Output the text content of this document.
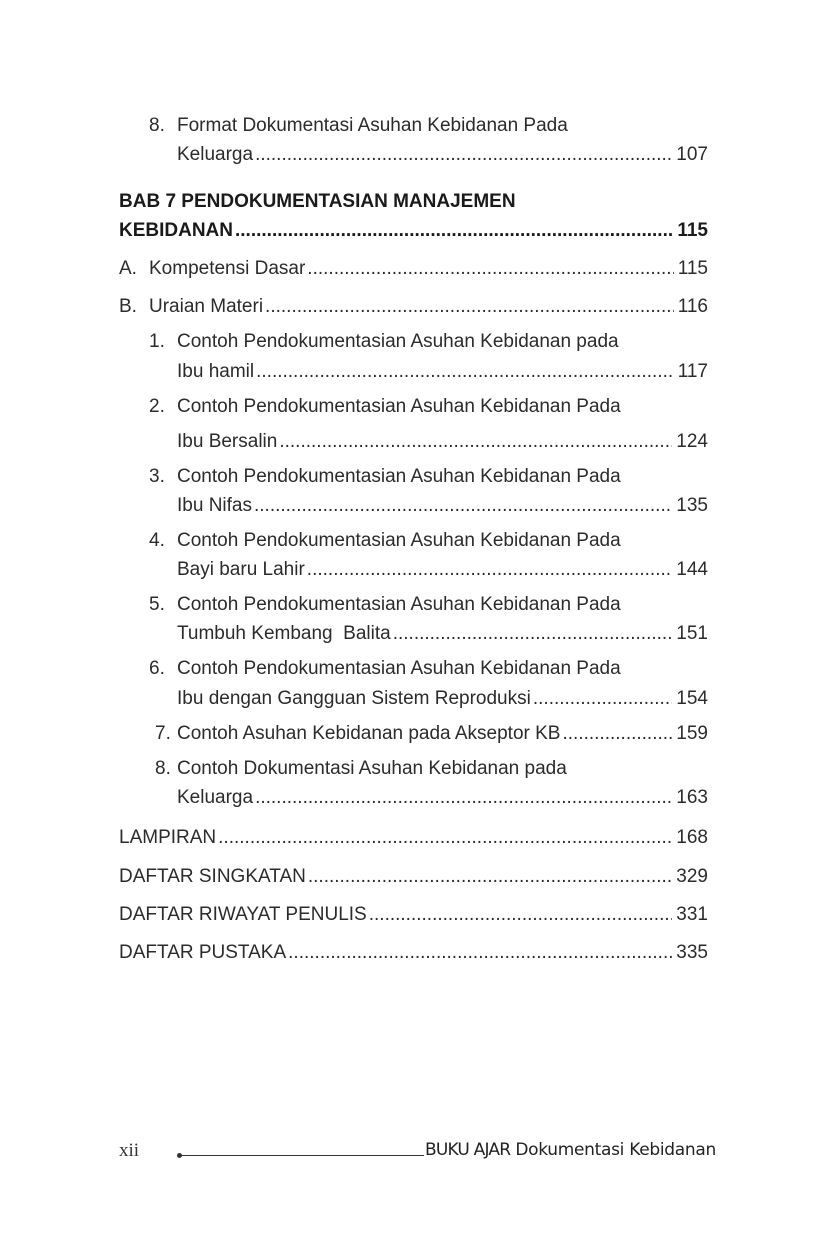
8. Format Dokumentasi Asuhan Kebidanan Pada
Keluarga .....	107
BAB 7 PENDOKUMENTASIAN MANAJEMEN
KEBIDANAN .....	115
A. Kompetensi Dasar .....	115
B. Uraian Materi .....	116
1. Contoh Pendokumentasian Asuhan Kebidanan pada
Ibu hamil .....	117
2. Contoh Pendokumentasian Asuhan Kebidanan Pada
Ibu Bersalin .....	124
3. Contoh Pendokumentasian Asuhan Kebidanan Pada
Ibu Nifas .....	135
4. Contoh Pendokumentasian Asuhan Kebidanan Pada
Bayi baru Lahir .....	144
5. Contoh Pendokumentasian Asuhan Kebidanan Pada
Tumbuh Kembang  Balita .....	151
6. Contoh Pendokumentasian Asuhan Kebidanan Pada
Ibu dengan Gangguan Sistem Reproduksi .....	154
7. Contoh Asuhan Kebidanan pada Akseptor KB .....	159
8. Contoh Dokumentasi Asuhan Kebidanan pada
Keluarga .....	163
LAMPIRAN .....	168
DAFTAR SINGKATAN .....	329
DAFTAR RIWAYAT PENULIS .....	331
DAFTAR PUSTAKA .....	335
xii	BUKU AJAR Dokumentasi Kebidanan
